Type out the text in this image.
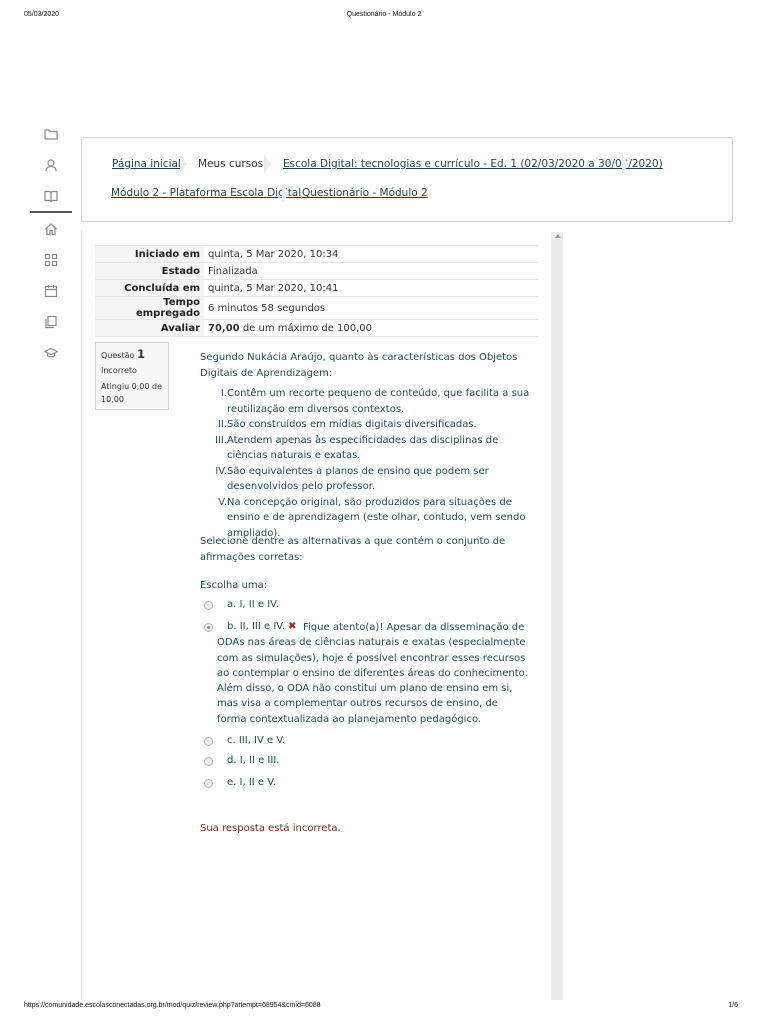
05/03/2020	Questionário - Módulo 2
Página inicial Meus cursos Escola Digital: tecnologias e currículo - Ed. 1 (02/03/2020 a 30/03/2020)
Módulo 2 - Plataforma Escola Digital Questionário - Módulo 2
Iniciado em	quinta, 5 Mar 2020, 10:34
Estado	Finalizada
Concluída em	quinta, 5 Mar 2020, 10:41
Tempo empregado	6 minutos 58 segundos
Avaliar	70,00 de um máximo de 100,00
Questão 1
Incorreto
Atingiu 0,00 de 10,00
Segundo Nukácia Araújo, quanto às características dos Objetos Digitais de Aprendizagem:
I. Contêm um recorte pequeno de conteúdo, que facilita a sua reutilização em diversos contextos.
II. São construídos em mídias digitais diversificadas.
III. Atendem apenas às especificidades das disciplinas de ciências naturais e exatas.
IV. São equivalentes a planos de ensino que podem ser desenvolvidos pelo professor.
V. Na concepção original, são produzidos para situações de ensino e de aprendizagem (este olhar, contudo, vem sendo ampliado).
Selecione dentre as alternativas a que contém o conjunto de afirmações corretas:
Escolha uma:
a. I, II e IV.
b. II, III e IV. ✖ Fique atento(a)! Apesar da disseminação de ODAs nas áreas de ciências naturais e exatas (especialmente com as simulações), hoje é possível encontrar esses recursos ao contemplar o ensino de diferentes áreas do conhecimento. Além disso, o ODA não constitui um plano de ensino em si, mas visa a complementar outros recursos de ensino, de forma contextualizada ao planejamento pedagógico.
c. III, IV e V.
d. I, II e III.
e. I, II e V.
Sua resposta está incorreta.
https://comunidade.escolasconectadas.org.br/mod/quiz/review.php?attempt=68954&cmid=6088	1/6
